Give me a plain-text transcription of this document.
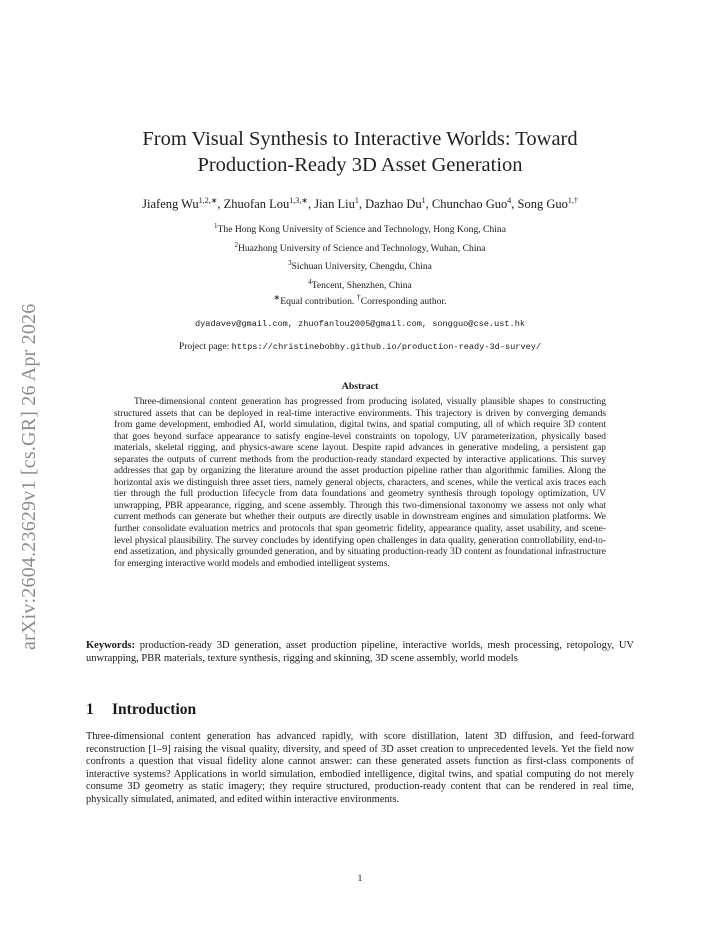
arXiv:2604.23629v1 [cs.GR] 26 Apr 2026
From Visual Synthesis to Interactive Worlds: Toward
Production-Ready 3D Asset Generation
Jiafeng $Wu^{1,2,∗}$, Zhuofan Lou$^{1,3,∗}$, Jian Liu$^1$, Dazhao Du$^1$, Chunchao Guo$^4$, Song Guo$^{1,\dagger}$
$^1$The Hong Kong University of Science and Technology, Hong Kong, China
$^2$Huazhong University of Science and Technology, Wuhan, China
$^3$Sichuan University, Chengdu, China
$^4$Tencent, Shenzhen, China
∗Equal contribution. †Corresponding author.
dyadavev@gmail.com, zhuofanlou2005@gmail.com, songguo@cse.ust.hk
Project page: https://christinebobby.github.io/production-ready-3d-survey/
Abstract

Three-dimensional content generation has progressed from producing isolated, visually plausible shapes to constructing structured assets that can be deployed in real-time interactive environments. This trajectory is driven by converging demands from game development, embodied AI, world simulation, digital twins, and spatial computing, all of which require 3D content that goes beyond surface appearance to satisfy engine-level constraints on topology, UV parameterization, physically based materials, skeletal rigging, and physics-aware scene layout. Despite rapid advances in generative modeling, a persistent gap separates the outputs of current methods from the production-ready standard expected by interactive applications. This survey addresses that gap by organizing the literature around the asset production pipeline rather than algorithmic families. Along the horizontal axis we distinguish three asset tiers, namely general objects, characters, and scenes, while the vertical axis traces each tier through the full production lifecycle from data foundations and geometry synthesis through topology optimization, UV unwrapping, PBR appearance, rigging, and scene assembly. Through this two-dimensional taxonomy we assess not only what current methods can generate but whether their outputs are directly usable in downstream engines and simulation platforms. We further consolidate evaluation metrics and protocols that span geometric fidelity, appearance quality, asset usability, and scene-level physical plausibility. The survey concludes by identifying open challenges in data quality, generation controllability, end-to-end assetization, and physically grounded generation, and by situating production-ready 3D content as foundational infrastructure for emerging interactive world models and embodied intelligent systems.

Keywords: production-ready 3D generation, asset production pipeline, interactive worlds, mesh processing, retopology, UV unwrapping, PBR materials, texture synthesis, rigging and skinning, 3D scene assembly, world models

1 Introduction

Three-dimensional content generation has advanced rapidly, with score distillation, latent 3D diffusion, and feed-forward reconstruction [1–9] raising the visual quality, diversity, and speed of 3D asset creation to unprecedented levels. Yet the field now confronts a question that visual fidelity alone cannot answer: can these generated assets function as first-class components of interactive systems? Applications in world simulation, embodied intelligence, digital twins, and spatial computing do not merely consume 3D geometry as static imagery; they require structured, production-ready content that can be rendered in real time, physically simulated, animated, and edited within interactive environments.

1
